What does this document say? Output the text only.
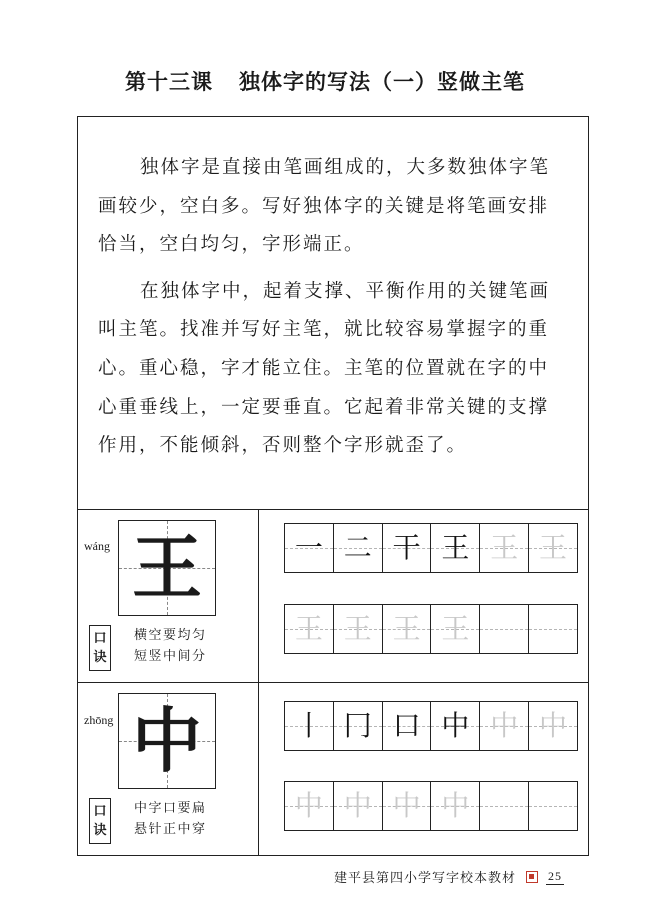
第十三课 独体字的写法（一）竖做主笔

独体字是直接由笔画组成的，大多数独体字笔画较少，空白多。写好独体字的关键是将笔画安排恰当，空白均匀，字形端正。

在独体字中，起着支撑、平衡作用的关键笔画叫主笔。找准并写好主笔，就比较容易掌握字的重心。重心稳，字才能立住。主笔的位置就在字的中心重垂线上，一定要垂直。它起着非常关键的支撑作用，不能倾斜，否则整个字形就歪了。

wáng 王
口
诀
横空要均匀
短竖中间分
一 二 干 王 王 王
王 王 王 王
zhōng 中
口
诀
中字口要扁
悬针正中穿
丨 冂 口 中 中 中
中 中 中 中
建平县第四小学写字校本教材	25
